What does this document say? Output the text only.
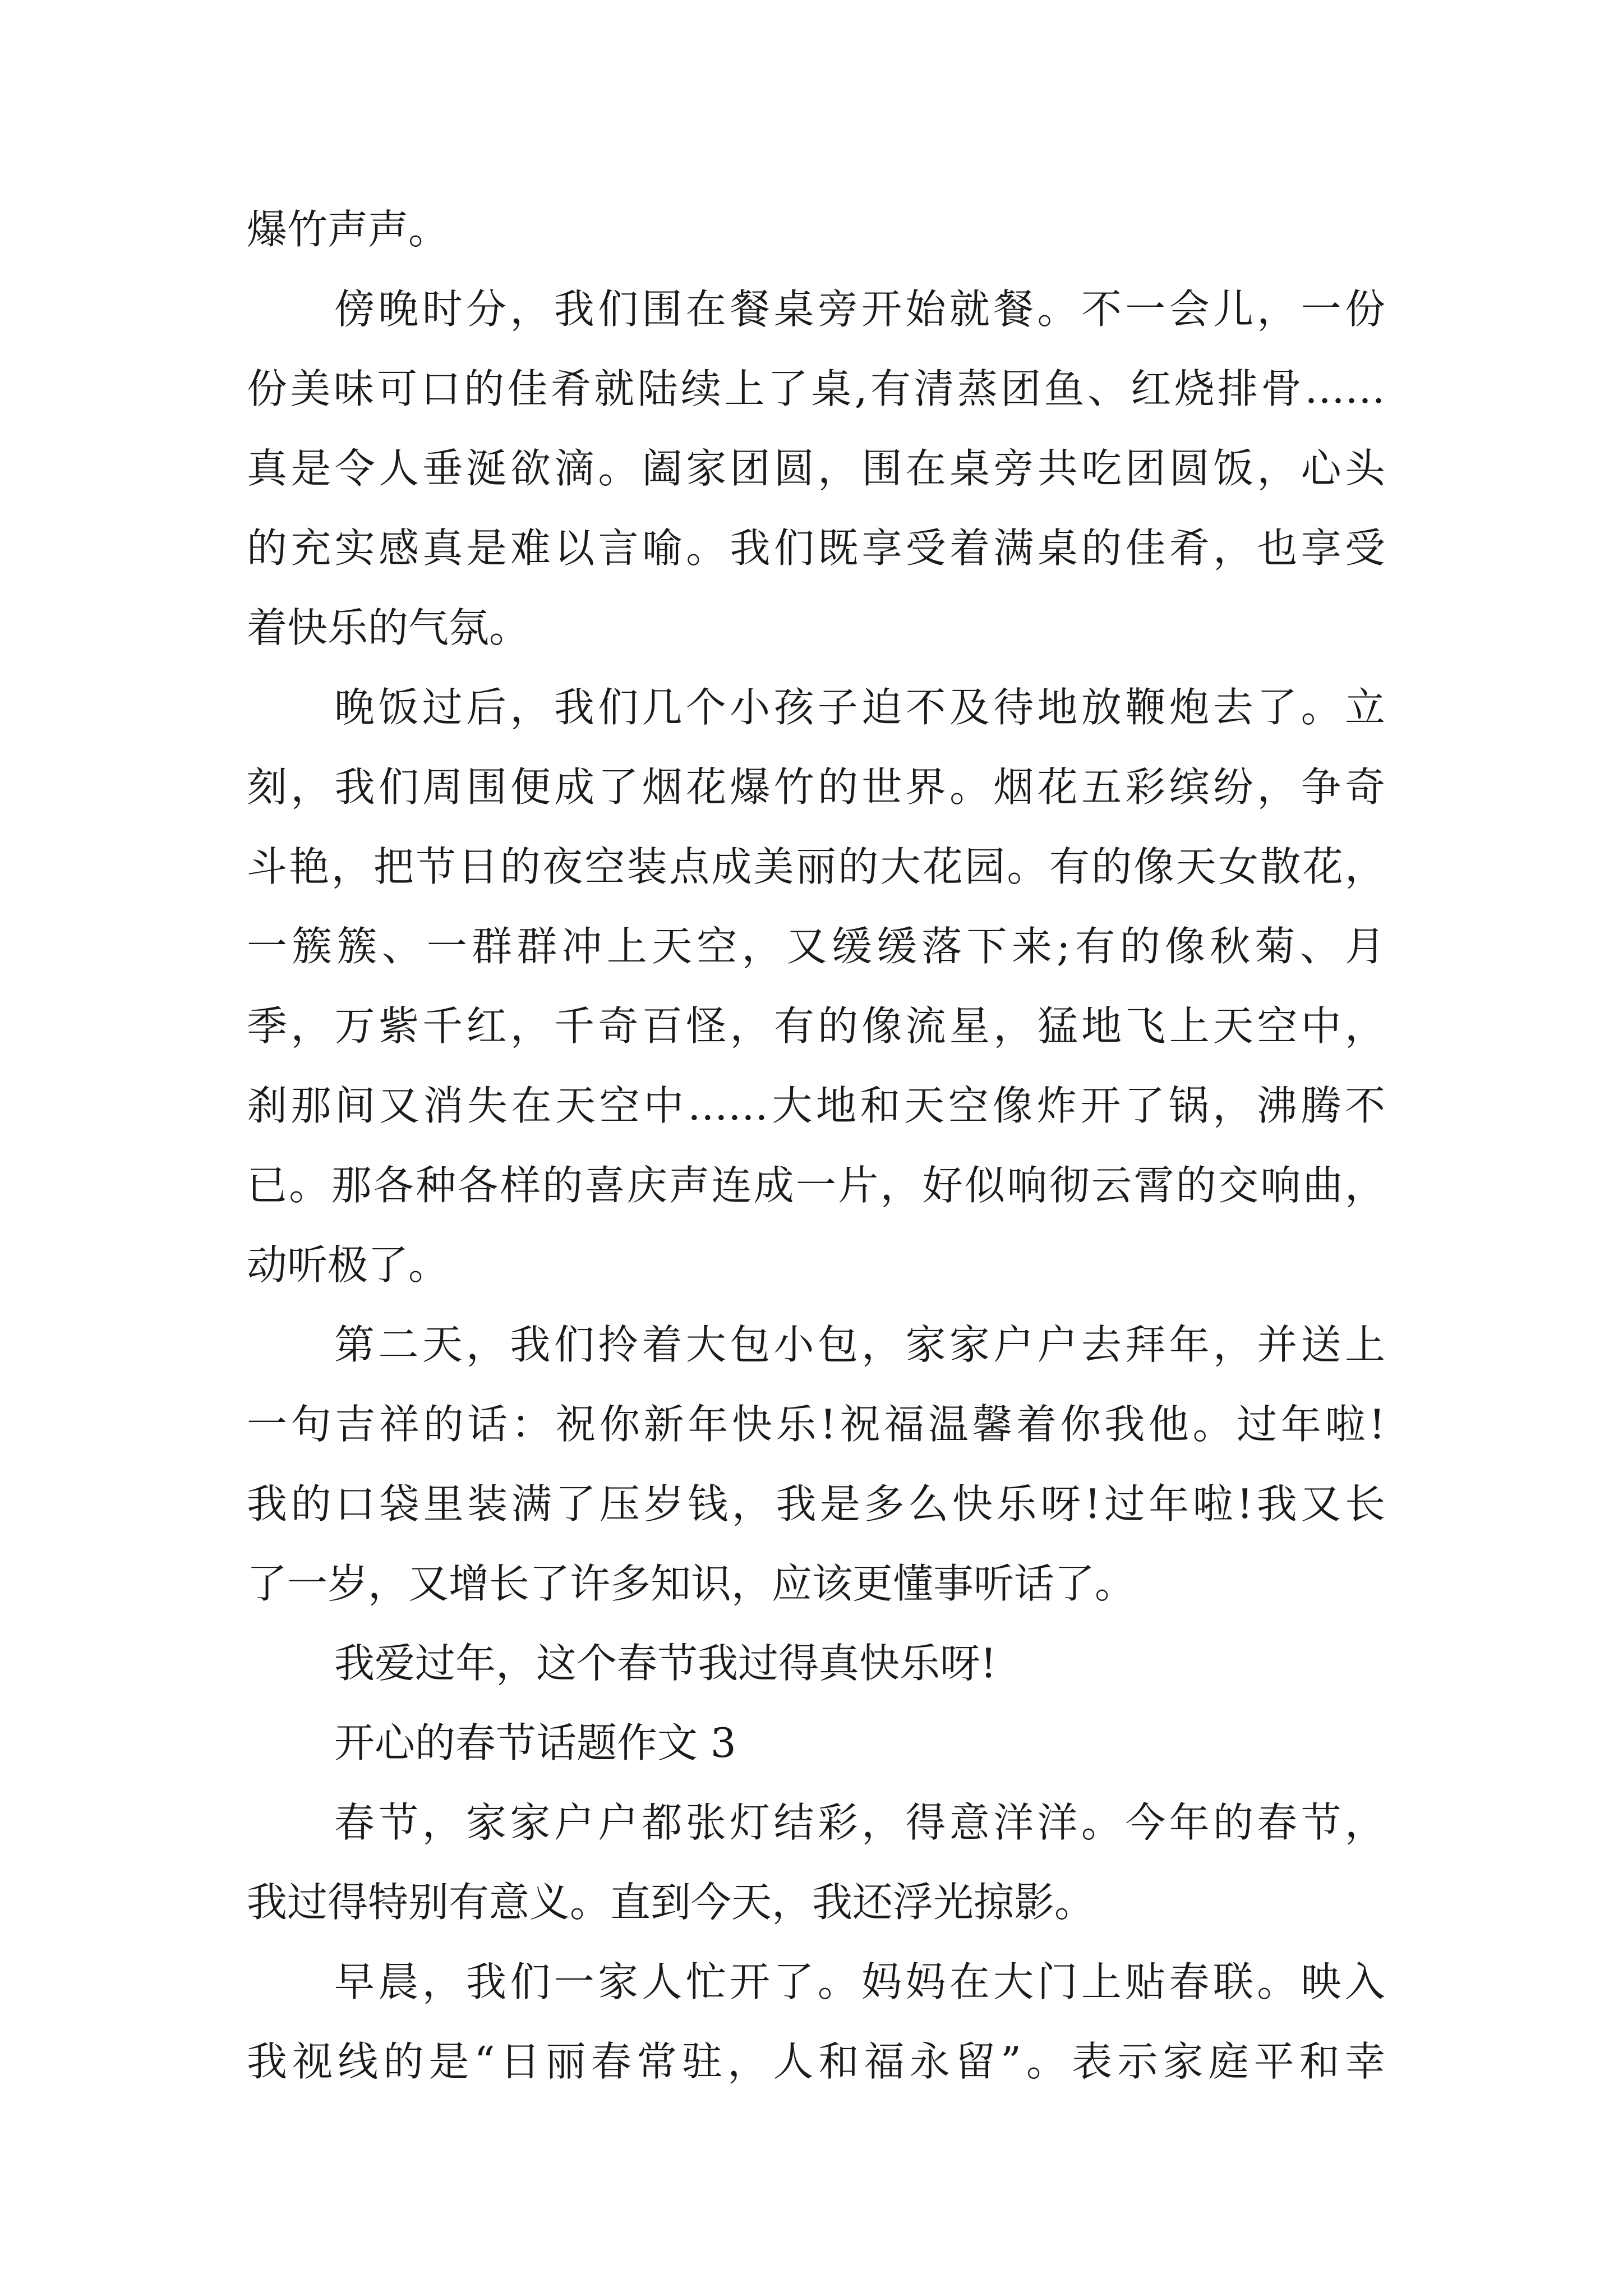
爆竹声声。
傍晚时分，我们围在餐桌旁开始就餐。不一会儿，一份
份美味可口的佳肴就陆续上了桌,有清蒸团鱼、红烧排骨……
真是令人垂涎欲滴。阖家团圆，围在桌旁共吃团圆饭，心头
的充实感真是难以言喻。我们既享受着满桌的佳肴，也享受
着快乐的气氛。
晚饭过后，我们几个小孩子迫不及待地放鞭炮去了。立
刻，我们周围便成了烟花爆竹的世界。烟花五彩缤纷，争奇
斗艳，把节日的夜空装点成美丽的大花园。有的像天女散花，
一簇簇、一群群冲上天空，又缓缓落下来;有的像秋菊、月
季，万紫千红，千奇百怪，有的像流星，猛地飞上天空中，
刹那间又消失在天空中……大地和天空像炸开了锅，沸腾不
已。那各种各样的喜庆声连成一片，好似响彻云霄的交响曲，
动听极了。
第二天，我们拎着大包小包，家家户户去拜年，并送上
一句吉祥的话：祝你新年快乐!祝福温馨着你我他。过年啦!
我的口袋里装满了压岁钱，我是多么快乐呀!过年啦!我又长
了一岁，又增长了许多知识，应该更懂事听话了。
我爱过年，这个春节我过得真快乐呀!
开心的春节话题作文 3
春节，家家户户都张灯结彩，得意洋洋。今年的春节，
我过得特别有意义。直到今天，我还浮光掠影。
早晨，我们一家人忙开了。妈妈在大门上贴春联。映入
我视线的是“日丽春常驻，人和福永留”。表示家庭平和幸
